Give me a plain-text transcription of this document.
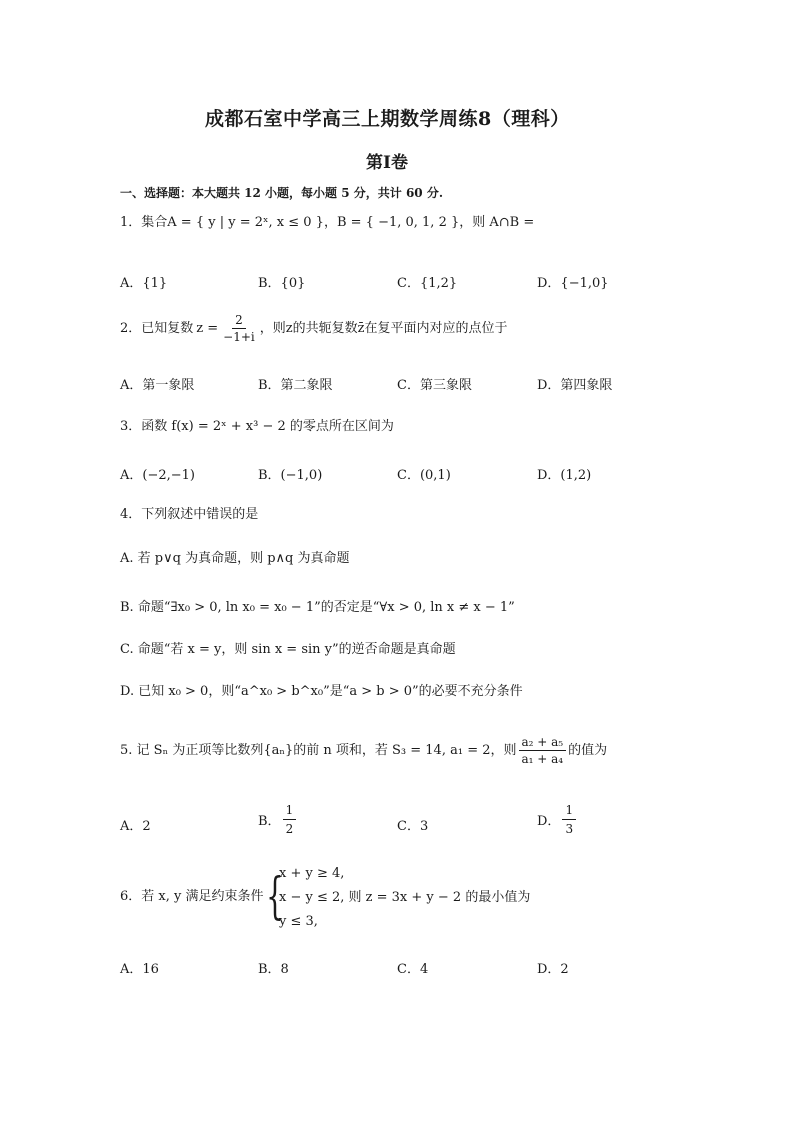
成都石室中学高三上期数学周练8（理科）
第Ⅰ卷
一、选择题：本大题共 12 小题，每小题 5 分，共计 60 分.
1．集合A = { y | y = 2ˣ, x ≤ 0 }，B = { −1, 0, 1, 2 }，则 A∩B =
A．{1}	B．{0}	C．{1,2}	D．{−1,0}
2．已知复数 $z = \frac{2}{-1+i}$ ，则z的共轭复数z̄在复平面内对应的点位于
A．第一象限	B．第二象限	C．第三象限	D．第四象限
3．函数 f(x) = 2ˣ + x³ − 2 的零点所在区间为
A．(−2,−1)	B．(−1,0)	C．(0,1)	D．(1,2)
4．下列叙述中错误的是
A. 若 p∨q 为真命题，则 p∧q 为真命题
B. 命题“∃x₀ > 0, ln x₀ = x₀ − 1”的否定是“∀x > 0, ln x ≠ x − 1”
C. 命题“若 x = y，则 sin x = sin y”的逆否命题是真命题
D. 已知 x₀ > 0，则“a^x₀ > b^x₀”是“a > b > 0”的必要不充分条件
5. 记 Sₙ 为正项等比数列{aₙ}的前 n 项和，若 S₃ = 14, a₁ = 2，则 $\frac{\text{a₂ + a₅}}{\text{a₁ + a₄}}$ 的值为
A．2	B． $\frac{1}{2}$	C．3	D． $\frac{1}{3}$
6．若 x, y 满足约束条件 {
x + y ≥ 4,
x − y ≤ 2, 则 z = 3x + y − 2 的最小值为
y ≤ 3,
A．16	B．8	C．4	D．2
